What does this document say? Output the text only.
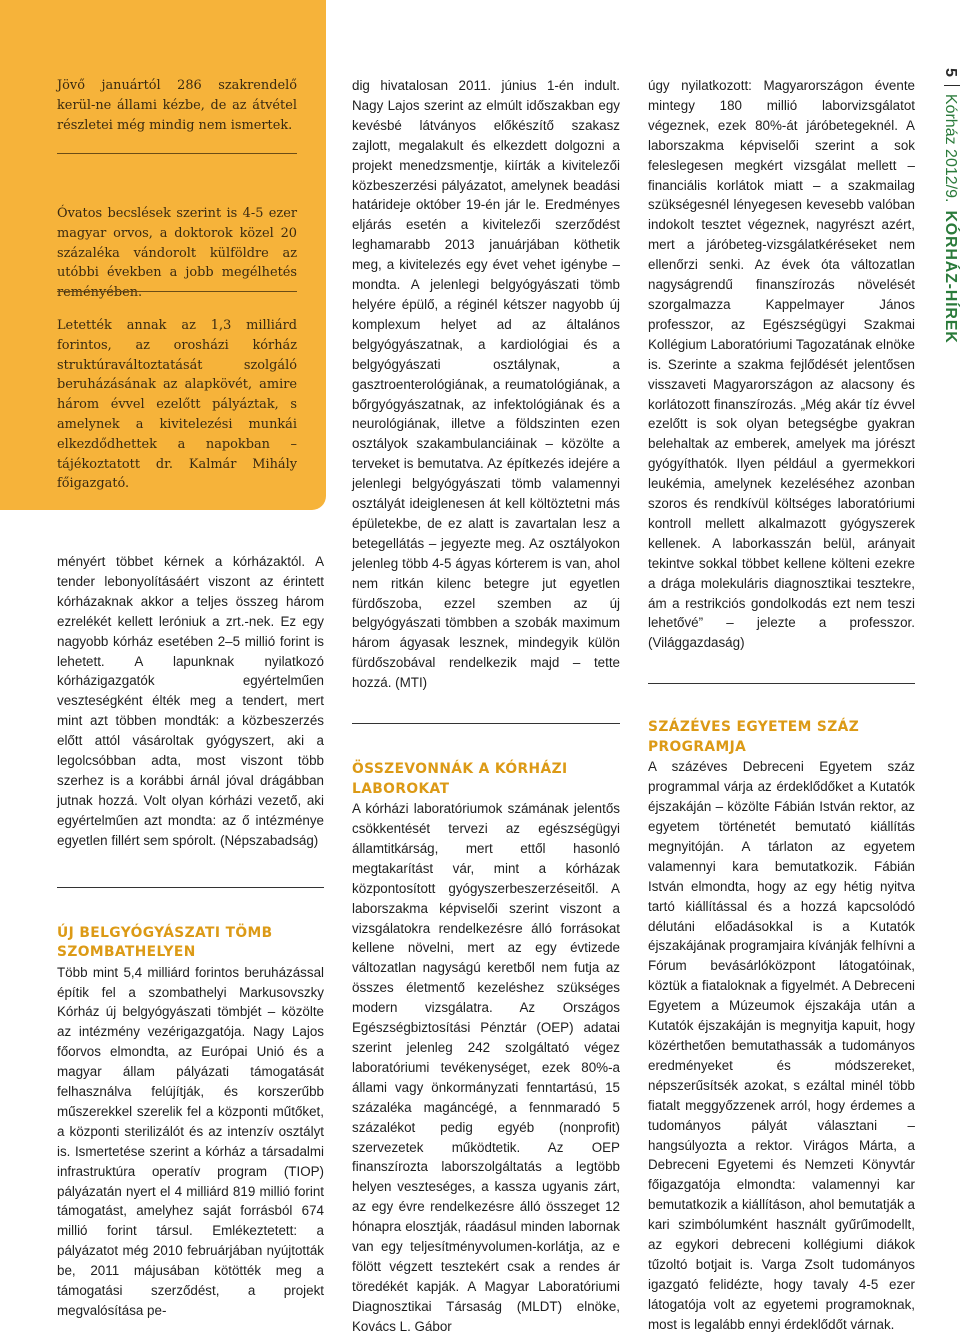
Jövő januártól 286 szakrendelő kerül-ne állami kézbe, de az átvétel részletei még mindig nem ismertek.

Óvatos becslések szerint is 4-5 ezer magyar orvos, a doktorok közel 20 százaléka vándorolt külföldre az utóbbi években a jobb megélhetés reményében.

Letették annak az 1,3 milliárd forintos, az orosházi kórház struktúraváltoztatását szolgáló beruházásának az alapkövét, amire három évvel ezelőtt pályáztak, s amelynek a kivitelezési munkái elkezdődhettek a napokban – tájékoztatott dr. Kalmár Mihály főigazgató.

ményért többet kérnek a kórházaktól. A tender lebonyolításáért viszont az érintett kórházaknak akkor a teljes összeg három ezrelékét kellett leróniuk a zrt.-nek. Ez egy nagyobb kórház esetében 2–5 millió forint is lehetett. A lapunknak nyilatkozó kórházigazgatók egyértelműen veszteségként élték meg a tendert, mert mint azt többen mondták: a közbeszerzés előtt attól vásároltak gyógyszert, aki a legolcsóbban adta, most viszont több szerhez is a korábbi árnál jóval drágábban jutnak hozzá. Volt olyan kórházi vezető, aki egyértelműen azt mondta: az ő intézménye egyetlen fillért sem spórolt. (Népszabadság)

ÚJ BELGYÓGYÁSZATI TÖMB SZOMBATHELYEN

Több mint 5,4 milliárd forintos beruházással építik fel a szombathelyi Markusovszky Kórház új belgyógyászati tömbjét – közölte az intézmény vezérigazgatója. Nagy Lajos főorvos elmondta, az Európai Unió és a magyar állam pályázati támogatását felhasználva felújítják, és korszerűbb műszerekkel szerelik fel a központi műtőket, a központi sterilizálót és az intenzív osztályt is. Ismertetése szerint a kórház a társadalmi infrastruktúra operatív program (TIOP) pályázatán nyert el 4 milliárd 819 millió forint támogatást, amelyhez saját forrásból 674 millió forint társul. Emlékeztetett: a pályázatot még 2010 februárjában nyújtották be, 2011 májusában kötötték meg a támogatási szerződést, a projekt megvalósítása pe-

dig hivatalosan 2011. június 1-én indult. Nagy Lajos szerint az elmúlt időszakban egy kevésbé látványos előkészítő szakasz zajlott, megalakult és elkezdett dolgozni a projekt menedzsmentje, kiírták a kivitelezői közbeszerzési pályázatot, amelynek beadási határideje október 19-én jár le. Eredményes eljárás esetén a kivitelezői szerződést leghamarabb 2013 januárjában köthetik meg, a kivitelezés egy évet vehet igénybe – mondta. A jelenlegi belgyógyászati tömb helyére épülő, a réginél kétszer nagyobb új komplexum helyet ad az általános belgyógyászatnak, a kardiológiai és a belgyógyászati osztálynak, a gasztroenterológiának, a reumatológiának, a bőrgyógyászatnak, az infektológiának és a neurológiának, illetve a földszinten ezen osztályok szakambulanciáinak – közölte a terveket is bemutatva. Az építkezés idejére a jelenlegi belgyógyászati tömb valamennyi osztályát ideiglenesen át kell költöztetni más épületekbe, de ez alatt is zavartalan lesz a betegellátás – jegyezte meg. Az osztályokon jelenleg több 4-5 ágyas kórterem is van, ahol nem ritkán kilenc betegre jut egyetlen fürdőszoba, ezzel szemben az új belgyógyászati tömbben a szobák maximum három ágyasak lesznek, mindegyik külön fürdőszobával rendelkezik majd – tette hozzá. (MTI)

ÖSSZEVONNÁK A KÓRHÁZI LABOROKAT

A kórházi laboratóriumok számának jelentős csökkentését tervezi az egészségügyi államtitkárság, mert ettől hasonló megtakarítást vár, mint a kórházak központosított gyógyszerbeszerzéseitől. A laborszakma képviselői szerint viszont a vizsgálatokra rendelkezésre álló forrásokat kellene növelni, mert az egy évtizede változatlan nagyságú keretből nem futja az összes életmentő kezeléshez szükséges modern vizsgálatra. Az Országos Egészségbiztosítási Pénztár (OEP) adatai szerint jelenleg 242 szolgáltató végez laboratóriumi tevékenységet, ezek 80%-a állami vagy önkormányzati fenntartású, 15 százaléka magáncégé, a fennmaradó 5 százalékot pedig egyéb (nonprofit) szervezetek működtetik. Az OEP finanszírozta laborszolgáltatás a legtöbb helyen veszteséges, a kassza ugyanis zárt, az egy évre rendelkezésre álló összeget 12 hónapra elosztják, ráadásul minden labornak van egy teljesítményvolumen-korlátja, az e fölött végzett tesztekért csak a rendes ár töredékét kapják. A Magyar Laboratóriumi Diagnosztikai Társaság (MLDT) elnöke, Kovács L. Gábor

úgy nyilatkozott: Magyarországon évente mintegy 180 millió laborvizsgálatot végeznek, ezek 80%-át járóbetegeknél. A laborszakma képviselői szerint a sok feleslegesen megkért vizsgálat mellett – financiális korlátok miatt – a szakmailag szükségesnél lényegesen kevesebb valóban indokolt tesztet végeznek, nagyrészt azért, mert a járóbeteg-vizsgálatkéréseket nem ellenőrzi senki. Az évek óta változatlan nagyságrendű finanszírozás növelését szorgalmazza Kappelmayer János professzor, az Egészségügyi Szakmai Kollégium Laboratóriumi Tagozatának elnöke is. Szerinte a szakma fejlődését jelentősen visszaveti Magyarországon az alacsony és korlátozott finanszírozás. „Még akár tíz évvel ezelőtt is sok olyan betegségbe gyakran belehaltak az emberek, amelyek ma jórészt gyógyíthatók. Ilyen például a gyermekkori leukémia, amelynek kezeléséhez azonban szoros és rendkívül költséges laboratóriumi kontroll mellett alkalmazott gyógyszerek kellenek. A laborkasszán belül, arányait tekintve sokkal többet kellene költeni ezekre a drága molekuláris diagnosztikai tesztekre, ám a restrikciós gondolkodás ezt nem teszi lehetővé” – jelezte a professzor. (Világgazdaság)

SZÁZÉVES EGYETEM SZÁZ PROGRAMJA

A százéves Debreceni Egyetem száz programmal várja az érdeklődőket a Kutatók éjszakáján – közölte Fábián István rektor, az egyetem történetét bemutató kiállítás megnyitóján. A tárlaton az egyetem valamennyi kara bemutatkozik. Fábián István elmondta, hogy az egy hétig nyitva tartó kiállítással és a hozzá kapcsolódó délutáni előadásokkal is a Kutatók éjszakájának programjaira kívánják felhívni a Fórum bevásárlóközpont látogatóinak, köztük a fiataloknak a figyelmét. A Debreceni Egyetem a Múzeumok éjszakája után a Kutatók éjszakáján is megnyitja kapuit, hogy közérthetően bemutathassák a tudományos eredményeket és módszereket, népszerűsítsék azokat, s ezáltal minél több fiatalt meggyőzzenek arról, hogy érdemes a tudományos pályát választani – hangsúlyozta a rektor. Virágos Márta, a Debreceni Egyetemi és Nemzeti Könyvtár főigazgatója elmondta: valamennyi kar bemutatkozik a kiállításon, ahol bemutatják a kari szimbólumként használt gyűrűmodellt, az egykori debreceni kollégiumi diákok tűzoltó botjait is. Varga Zsolt tudományos igazgató felidézte, hogy tavaly 4-5 ezer látogatója volt az egyetemi programoknak, most is legalább ennyi érdeklődőt várnak.

5Kórház 2012/9.KÓRHÁZ-HÍREK
